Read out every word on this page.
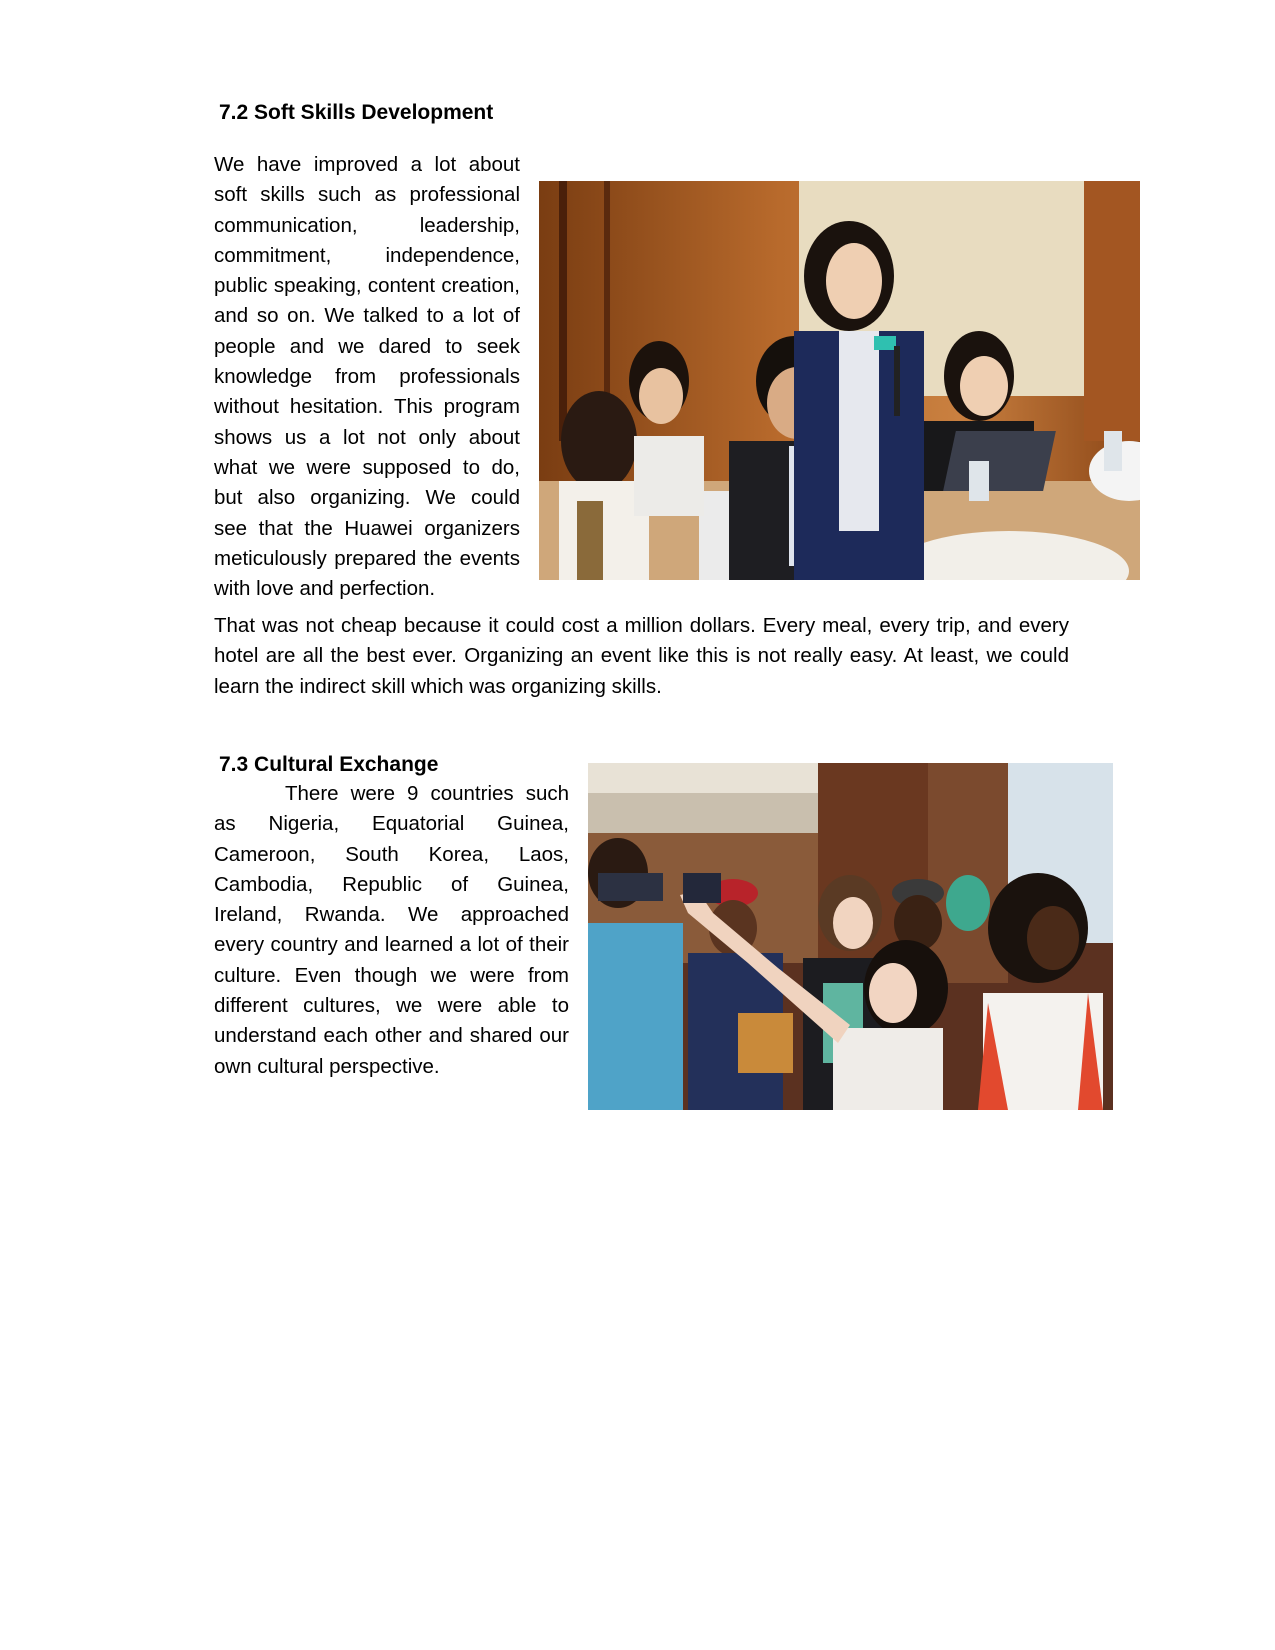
7.2 Soft Skills Development

We have improved a lot about soft skills such as professional communication, leadership, commitment, independence, public speaking, content creation, and so on. We talked to a lot of people and we dared to seek knowledge from professionals without hesitation. This program shows us a lot not only about what we were supposed to do, but also organizing. We could see that the Huawei organizers meticulously prepared the events with love and perfection.

That was not cheap because it could cost a million dollars. Every meal, every trip, and every hotel are all the best ever. Organizing an event like this is not really easy. At least, we could learn the indirect skill which was organizing skills.

7.3 Cultural Exchange

There were 9 countries such as Nigeria, Equatorial Guinea, Cameroon, South Korea, Laos, Cambodia, Republic of Guinea, Ireland, Rwanda. We approached every country and learned a lot of their culture. Even though we were from different cultures, we were able to understand each other and shared our own cultural perspective.
